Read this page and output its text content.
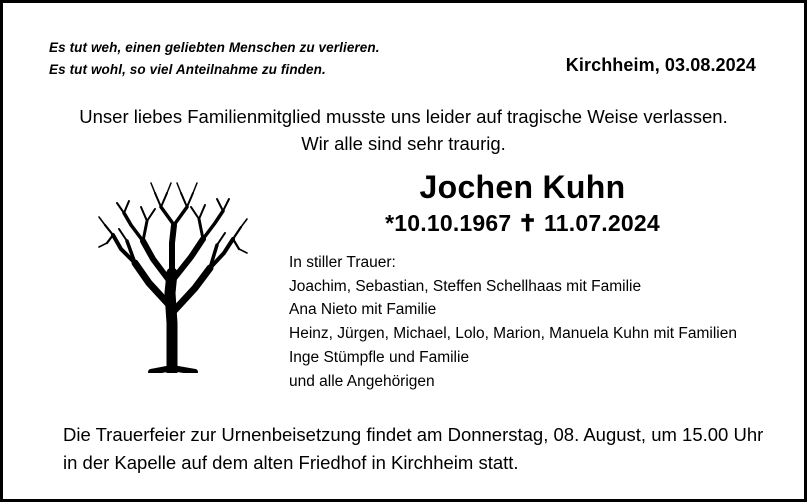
Es tut weh, einen geliebten Menschen zu verlieren.
Es tut wohl, so viel Anteilnahme zu finden.	Kirchheim, 03.08.2024
Unser liebes Familienmitglied musste uns leider auf tragische Weise verlassen.
Wir alle sind sehr traurig.
Jochen Kuhn
*10.10.1967 ✝ 11.07.2024
In stiller Trauer:
Joachim, Sebastian, Steffen Schellhaas mit Familie
Ana Nieto mit Familie
Heinz, Jürgen, Michael, Lolo, Marion, Manuela Kuhn mit Familien
Inge Stümpfle und Familie
und alle Angehörigen
Die Trauerfeier zur Urnenbeisetzung findet am Donnerstag, 08. August, um 15.00 Uhr
in der Kapelle auf dem alten Friedhof in Kirchheim statt.
